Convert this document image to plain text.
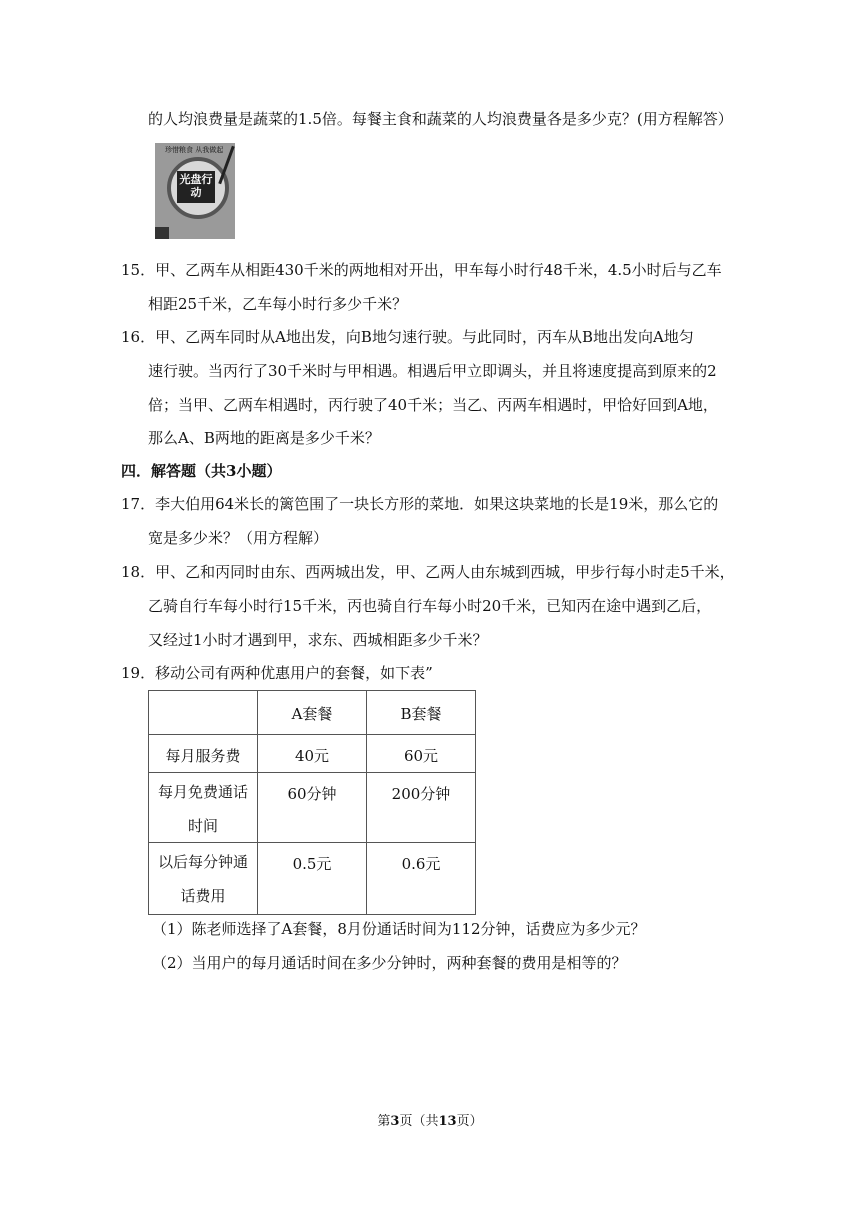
的人均浪费量是蔬菜的1.5倍。每餐主食和蔬菜的人均浪费量各是多少克？(用方程解答）
珍惜粮食 从我做起
光盘行动
15．甲、乙两车从相距430千米的两地相对开出，甲车每小时行48千米，4.5小时后与乙车
相距25千米，乙车每小时行多少千米？
16．甲、乙两车同时从A地出发，向B地匀速行驶。与此同时，丙车从B地出发向A地匀
速行驶。当丙行了30千米时与甲相遇。相遇后甲立即调头，并且将速度提高到原来的2
倍；当甲、乙两车相遇时，丙行驶了40千米；当乙、丙两车相遇时，甲恰好回到A地，
那么A、B两地的距离是多少千米？
四．解答题（共3小题）
17．李大伯用64米长的篱笆围了一块长方形的菜地．如果这块菜地的长是19米，那么它的
宽是多少米？（用方程解）
18．甲、乙和丙同时由东、西两城出发，甲、乙两人由东城到西城，甲步行每小时走5千米，
乙骑自行车每小时行15千米，丙也骑自行车每小时20千米，已知丙在途中遇到乙后，
又经过1小时才遇到甲，求东、西城相距多少千米？
19．移动公司有两种优惠用户的套餐，如下表”
	A套餐	B套餐
每月服务费	40元	60元

每月免费通话
时间	60分钟	200分钟

以后每分钟通
话费用	0.5元	0.6元
（1）陈老师选择了A套餐，8月份通话时间为112分钟，话费应为多少元？
（2）当用户的每月通话时间在多少分钟时，两种套餐的费用是相等的？
第3页（共13页）
